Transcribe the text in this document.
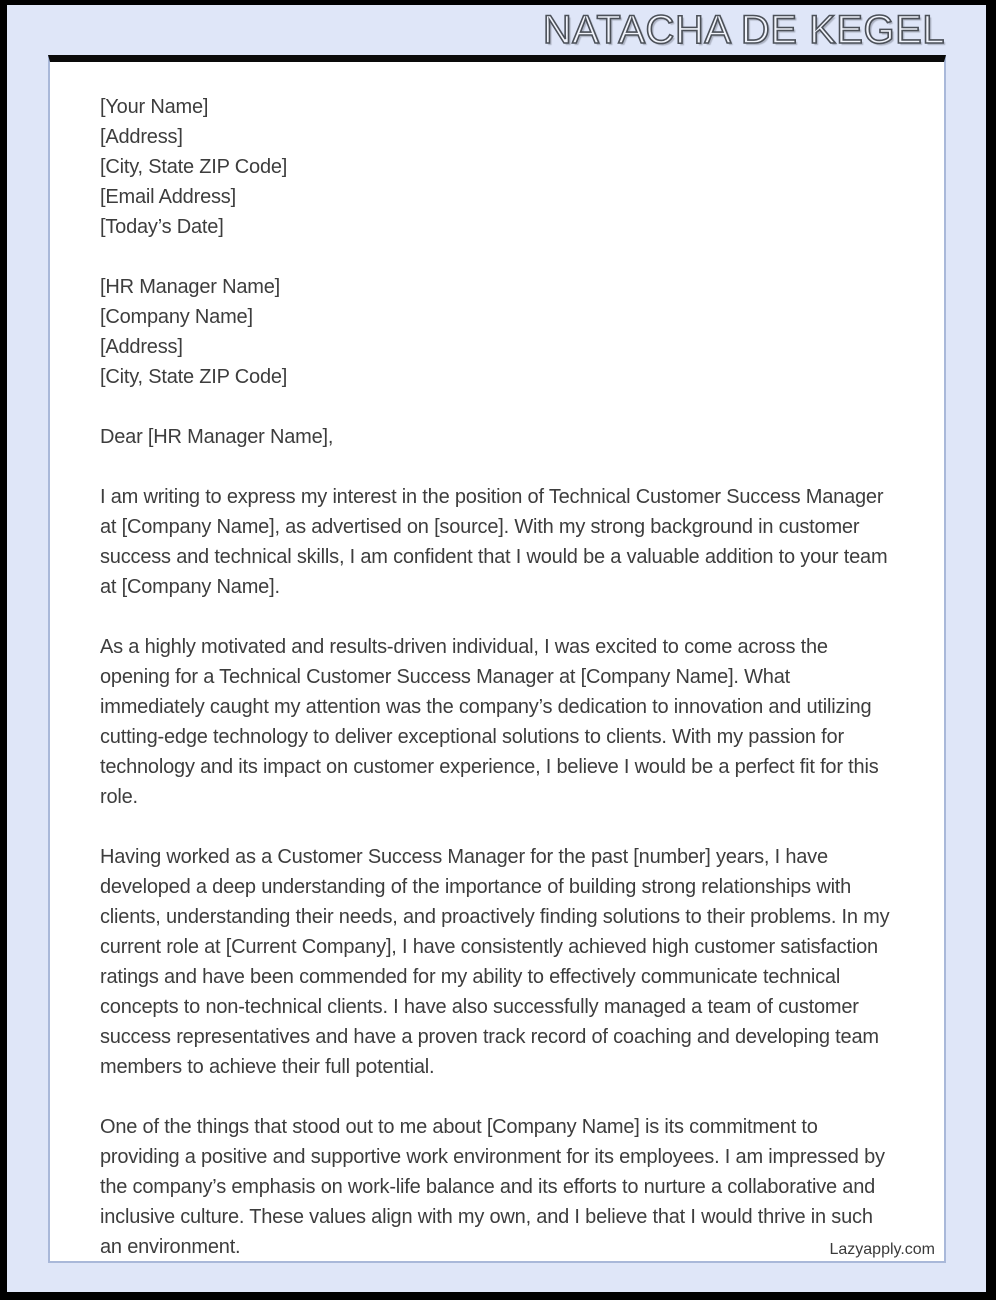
NATACHA DE KEGEL
[Your Name]
[Address]
[City, State ZIP Code]
[Email Address]
[Today’s Date]
[HR Manager Name]
[Company Name]
[Address]
[City, State ZIP Code]
Dear [HR Manager Name],

I am writing to express my interest in the position of Technical Customer Success Manager at [Company Name], as advertised on [source]. With my strong background in customer success and technical skills, I am confident that I would be a valuable addition to your team at [Company Name].

As a highly motivated and results-driven individual, I was excited to come across the opening for a Technical Customer Success Manager at [Company Name]. What immediately caught my attention was the company’s dedication to innovation and utilizing cutting-edge technology to deliver exceptional solutions to clients. With my passion for technology and its impact on customer experience, I believe I would be a perfect fit for this role.

Having worked as a Customer Success Manager for the past [number] years, I have developed a deep understanding of the importance of building strong relationships with clients, understanding their needs, and proactively finding solutions to their problems. In my current role at [Current Company], I have consistently achieved high customer satisfaction ratings and have been commended for my ability to effectively communicate technical concepts to non-technical clients. I have also successfully managed a team of customer success representatives and have a proven track record of coaching and developing team members to achieve their full potential.

One of the things that stood out to me about [Company Name] is its commitment to providing a positive and supportive work environment for its employees. I am impressed by the company’s emphasis on work-life balance and its efforts to nurture a collaborative and inclusive culture. These values align with my own, and I believe that I would thrive in such an environment.	Lazyapply.com
